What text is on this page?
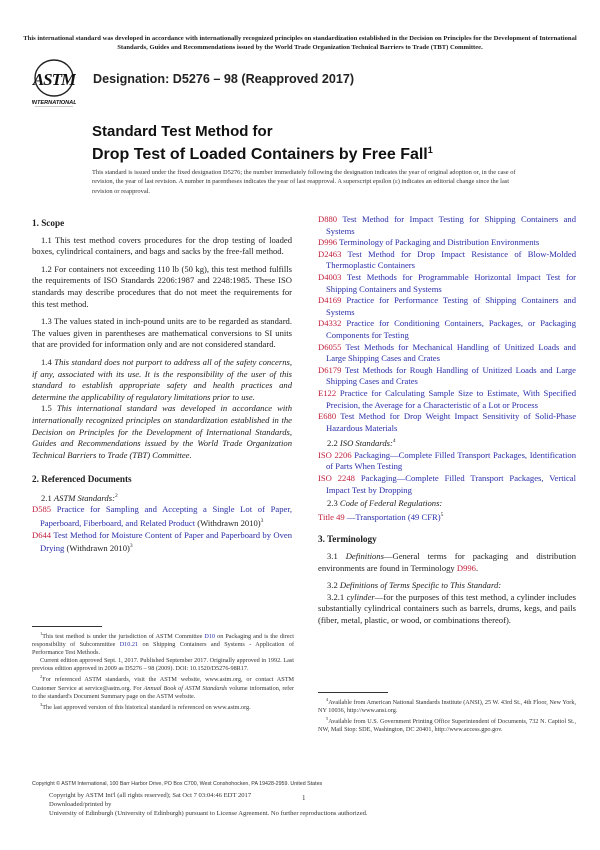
This international standard was developed in accordance with internationally recognized principles on standardization established in the Decision on Principles for the Development of International Standards, Guides and Recommendations issued by the World Trade Organization Technical Barriers to Trade (TBT) Committee.
ASTM
INTERNATIONAL
Designation: D5276 – 98 (Reapproved 2017)
Standard Test Method for
Drop Test of Loaded Containers by Free Fall$^1$
This standard is issued under the fixed designation D5276; the number immediately following the designation indicates the year of original adoption or, in the case of revision, the year of last revision. A number in parentheses indicates the year of last reapproval. A superscript epsilon (ε) indicates an editorial change since the last revision or reapproval.
1. Scope

1.1 This test method covers procedures for the drop testing of loaded boxes, cylindrical containers, and bags and sacks by the free-fall method.

1.2 For containers not exceeding 110 lb (50 kg), this test method fulfills the requirements of ISO Standards 2206:1987 and 2248:1985. These ISO standards may describe procedures that do not meet the requirements for this test method.

1.3 The values stated in inch-pound units are to be regarded as standard. The values given in parentheses are mathematical conversions to SI units that are provided for information only and are not considered standard.

1.4 This standard does not purport to address all of the safety concerns, if any, associated with its use. It is the responsibility of the user of this standard to establish appropriate safety and health practices and determine the applicability of regulatory limitations prior to use.

1.5 This international standard was developed in accordance with internationally recognized principles on standardization established in the Decision on Principles for the Development of International Standards, Guides and Recommendations issued by the World Trade Organization Technical Barriers to Trade (TBT) Committee.

2. Referenced Documents
2.1 ASTM Standards:$^2$
D585 Practice for Sampling and Accepting a Single Lot of Paper, Paperboard, Fiberboard, and Related Product (Withdrawn 2010)$^3$
D644 Test Method for Moisture Content of Paper and Paperboard by Oven Drying (Withdrawn 2010)$^3$

$^1$This test method is under the jurisdiction of ASTM Committee D10 on Packaging and is the direct responsibility of Subcommittee D10.21 on Shipping Containers and Systems - Application of Performance Test Methods.

Current edition approved Sept. 1, 2017. Published September 2017. Originally approved in 1992. Last previous edition approved in 2009 as D5276 – 98 (2009). DOI: 10.1520/D5276-98R17.

$^2$For referenced ASTM standards, visit the ASTM website, www.astm.org, or contact ASTM Customer Service at service@astm.org. For Annual Book of ASTM Standards volume information, refer to the standard's Document Summary page on the ASTM website.

$^3$The last approved version of this historical standard is referenced on www.astm.org.

D880 Test Method for Impact Testing for Shipping Containers and Systems
D996 Terminology of Packaging and Distribution Environments
D2463 Test Method for Drop Impact Resistance of Blow-Molded Thermoplastic Containers
D4003 Test Methods for Programmable Horizontal Impact Test for Shipping Containers and Systems
D4169 Practice for Performance Testing of Shipping Containers and Systems
D4332 Practice for Conditioning Containers, Packages, or Packaging Components for Testing
D6055 Test Methods for Mechanical Handling of Unitized Loads and Large Shipping Cases and Crates
D6179 Test Methods for Rough Handling of Unitized Loads and Large Shipping Cases and Crates
E122 Practice for Calculating Sample Size to Estimate, With Specified Precision, the Average for a Characteristic of a Lot or Process
E680 Test Method for Drop Weight Impact Sensitivity of Solid-Phase Hazardous Materials
2.2 ISO Standards:$^4$
ISO 2206 Packaging—Complete Filled Transport Packages, Identification of Parts When Testing
ISO 2248 Packaging—Complete Filled Transport Packages, Vertical Impact Test by Dropping
2.3 Code of Federal Regulations:
Title 49 —Transportation (49 CFR)$^5$
3. Terminology

3.1 Definitions—General terms for packaging and distribution environments are found in Terminology D996.

3.2 Definitions of Terms Specific to This Standard:

3.2.1 cylinder—for the purposes of this test method, a cylinder includes substantially cylindrical containers such as barrels, drums, kegs, and pails (fiber, metal, plastic, or wood, or combinations thereof).

$^4$Available from American National Standards Institute (ANSI), 25 W. 43rd St., 4th Floor, New York, NY 10036, http://www.ansi.org.

$^5$Available from U.S. Government Printing Office Superintendent of Documents, 732 N. Capitol St., NW, Mail Stop: SDE, Washington, DC 20401, http://www.access.gpo.gov.

Copyright © ASTM International, 100 Barr Harbor Drive, PO Box C700, West Conshohocken, PA 19428-2959. United States
Copyright by ASTM Int'l (all rights reserved); Sat Oct 7 03:04:46 EDT 2017
Downloaded/printed by
University of Edinburgh (University of Edinburgh) pursuant to License Agreement. No further reproductions authorized.
1
